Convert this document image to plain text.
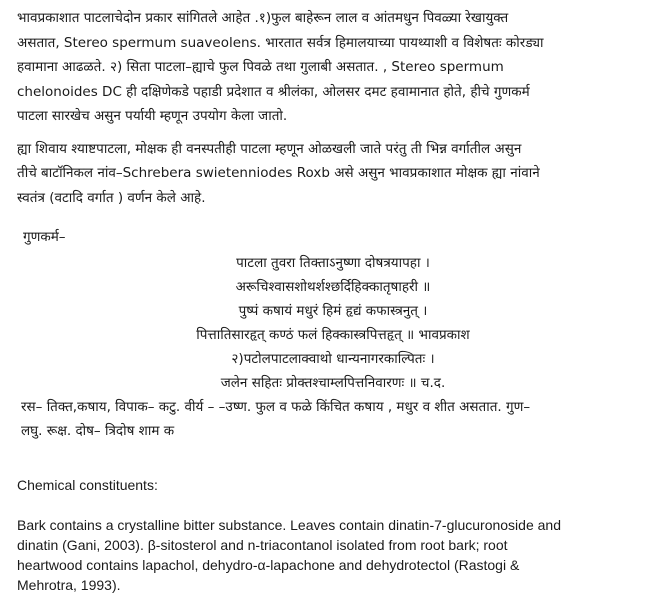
भावप्रकाशात पाटलाचेदोन प्रकार सांगितले आहेत .१)फुल बाहेरून लाल व आंतमधुन पिवळ्या रेखायुक्त
असतात, Stereo spermum suaveolens. भारतात सर्वत्र हिमालयाच्या पायथ्याशी व विशेषतः कोरड्या
हवामाना आढळते. २) सिता पाटला–ह्याचे फुल पिवळे तथा गुलाबी असतात. , Stereo spermum
chelonoides DC ही दक्षिणेकडे पहाडी प्रदेशात व श्रीलंका, ओलसर दमट हवामानात होते, हीचे गुणकर्म
पाटला सारखेच असुन पर्यायी म्हणून उपयोग केला जातो.
ह्या शिवाय श्याष्टपाटला, मोक्षक ही वनस्पतीही पाटला म्हणून ओळखली जाते परंतु ती भिन्न वर्गातील असुन
तीचे बाटॉनिकल नांव–Schrebera swietenniodes Roxb असे असुन भावप्रकाशात मोक्षक ह्या नांवाने
स्वतंत्र (वटादि वर्गात ) वर्णन केले आहे.
गुणकर्म–
पाटला तुवरा तिक्ताऽनुष्णा दोषत्रयापहा ।
अरूचिश्वासशोथर्शश्छर्दिहिक्कातृषाहरी ॥
पुष्पं कषायं मधुरं हिमं हृद्यं कफास्त्रनुत् ।
पित्तातिसारहृत् कण्ठं फलं हिक्कास्त्रपित्तहृत् ॥ भावप्रकाश
२)पटोलपाटलाक्वाथो धान्यनागरकाल्पितः ।
जलेन सहितः प्रोक्तश्चाम्लपित्तनिवारणः ॥ च.द.
रस– तिक्त,कषाय, विपाक– कटु. वीर्य – –उष्ण. फुल व फळे किंचित कषाय , मधुर व शीत असतात. गुण–
लघु. रूक्ष. दोष– त्रिदोष शाम क
Chemical constituents:
Bark contains a crystalline bitter substance. Leaves contain dinatin-7-glucuronoside and
dinatin (Gani, 2003). β-sitosterol and n-triacontanol isolated from root bark; root
heartwood contains lapachol, dehydro-α-lapachone and dehydrotectol (Rastogi &
Mehrotra, 1993).
